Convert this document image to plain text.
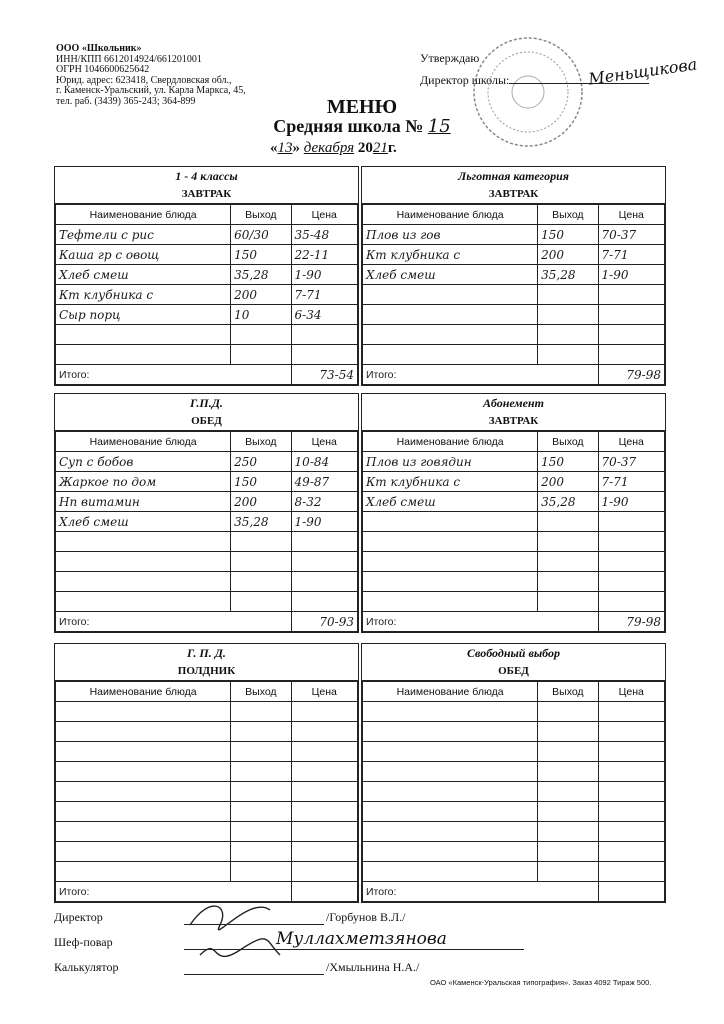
ООО «Школьник»
ИНН/КПП 6612014924/661201001
ОГРН 1046600625642
Юрид. адрес: 623418, Свердловская обл.,
г. Каменск-Уральский, ул. Карла Маркса, 45,
тел. раб. (3439) 365-243; 364-899
Утверждаю
Директор школы:	Меньщикова
МЕНЮ
Средняя школа № 15
«13» декабря 2021г.
1 - 4 классы
ЗАВТРАК
Наименование блюда	Выход	Цена
Тефтели с рис	60/30	35-48
Каша гр с овощ	150	22-11
Хлеб смеш	35,28	1-90
Кт клубника с	200	7-71
Сыр порц	10	6-34

Итого:		73-54
Льготная категория
ЗАВТРАК
Наименование блюда	Выход	Цена
Плов из гов	150	70-37
Кт клубника с	200	7-71
Хлеб смеш	35,28	1-90

Итого:		79-98
Г.П.Д.
ОБЕД
Наименование блюда	Выход	Цена
Суп с бобов	250	10-84
Жаркое по дом	150	49-87
Нп витамин	200	8-32
Хлеб смеш	35,28	1-90

Итого:		70-93
Абонемент
ЗАВТРАК
Наименование блюда	Выход	Цена
Плов из говядин	150	70-37
Кт клубника с	200	7-71
Хлеб смеш	35,28	1-90

Итого:		79-98
Г. П. Д.
ПОЛДНИК
Наименование блюда	Выход	Цена

Итого:		
Свободный выбор
ОБЕД
Наименование блюда	Выход	Цена

Итого:		
Директор	/Горбунов В.Л./
Шеф-повар	Муллахметзянова
Калькулятор	/Хмыльнина Н.А./
ОАО «Каменск-Уральская типография». Заказ 4092 Тираж 500.
